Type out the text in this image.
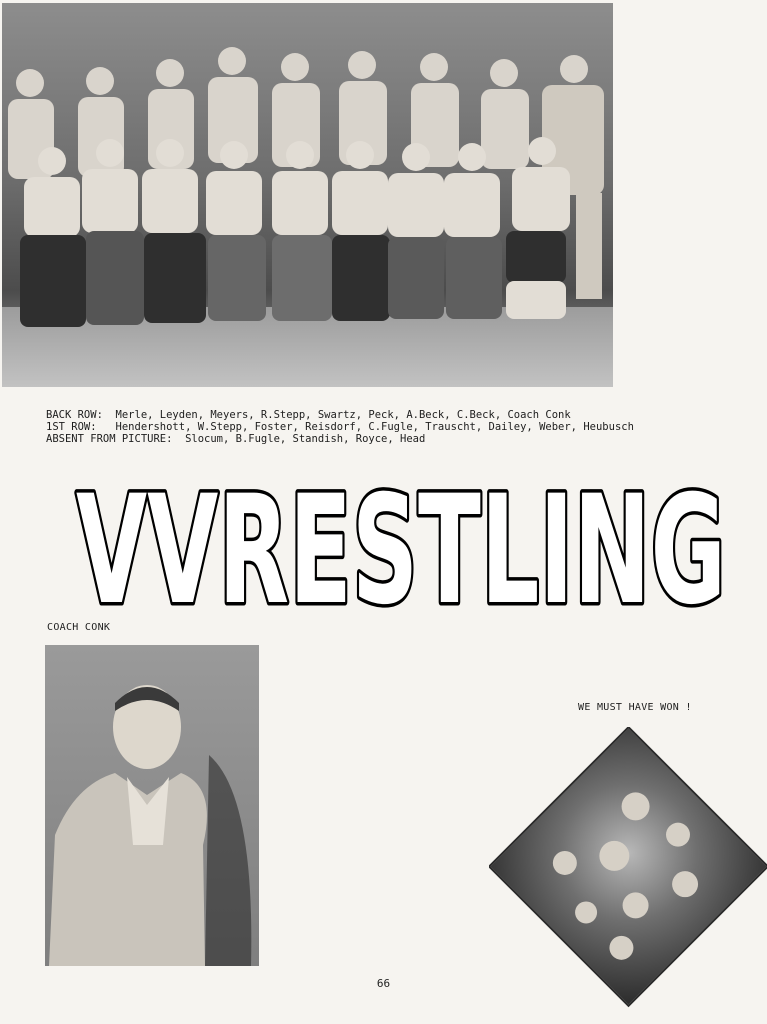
BACK ROW:  Merle, Leyden, Meyers, R.Stepp, Swartz, Peck, A.Beck, C.Beck, Coach Conk
1ST ROW:   Hendershott, W.Stepp, Foster, Reisdorf, C.Fugle, Trauscht, Dailey, Weber, Heubusch
ABSENT FROM PICTURE:  Slocum, B.Fugle, Standish, Royce, Head
VVRESTLING
COACH CONK
WE MUST HAVE WON !
66
